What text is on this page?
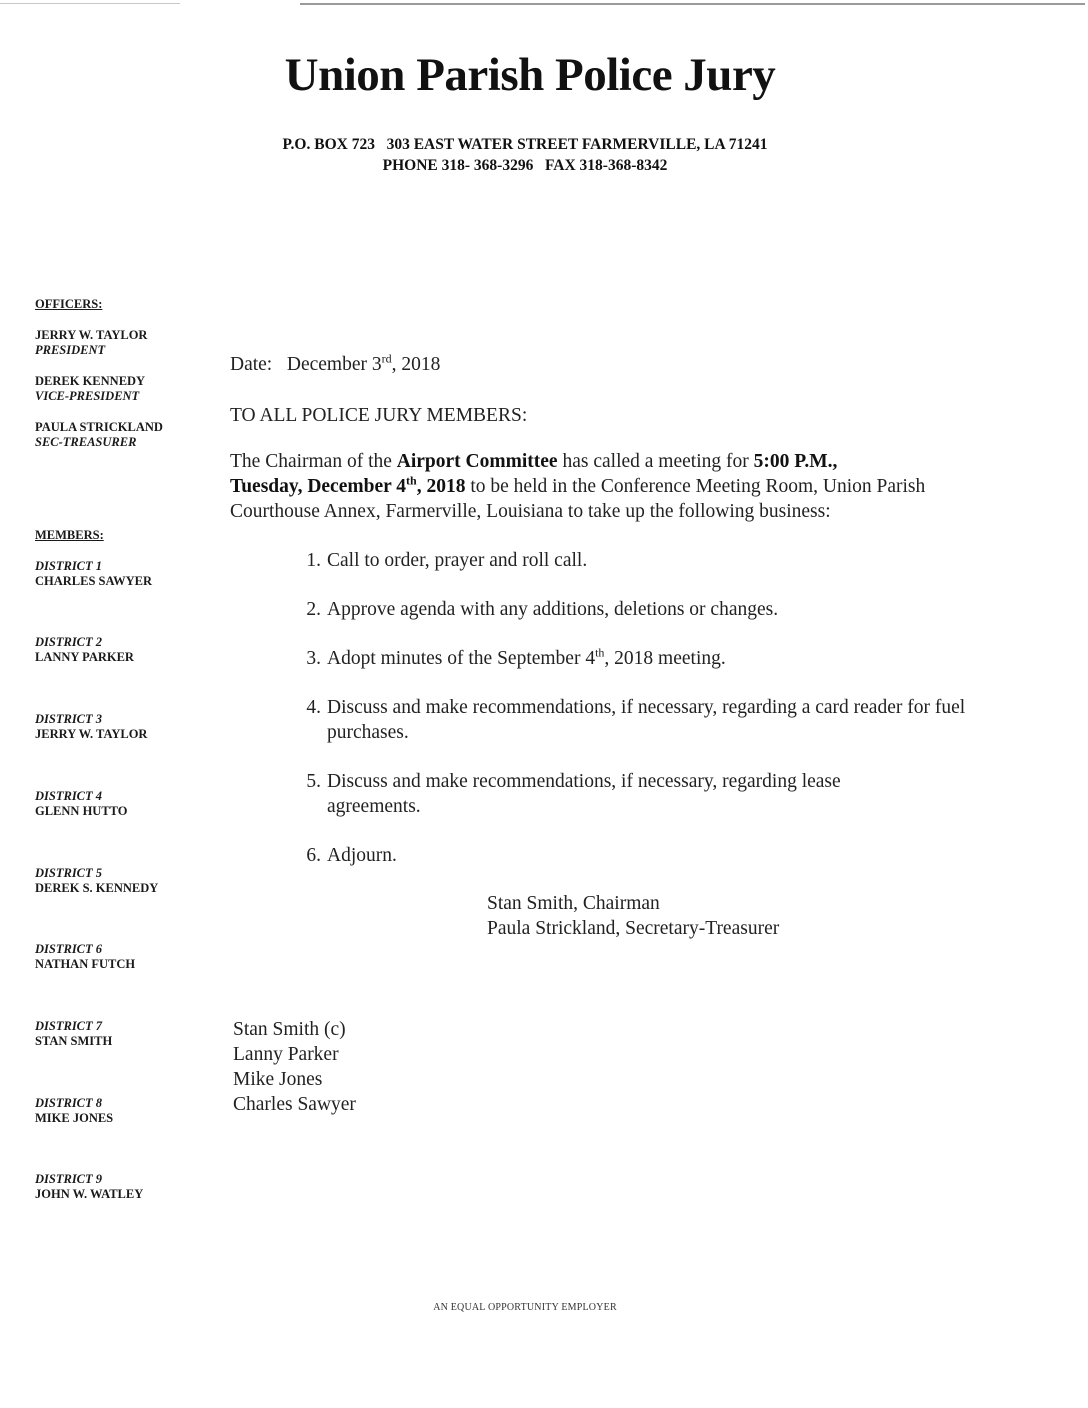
Union Parish Police Jury
P.O. BOX 723   303 EAST WATER STREET FARMERVILLE, LA 71241
PHONE 318- 368-3296   FAX 318-368-8342
OFFICERS:
JERRY W. TAYLOR
PRESIDENT
DEREK KENNEDY
VICE-PRESIDENT
PAULA STRICKLAND
SEC-TREASURER
MEMBERS:
DISTRICT 1
CHARLES SAWYER
DISTRICT 2
LANNY PARKER
DISTRICT 3
JERRY W. TAYLOR
DISTRICT 4
GLENN HUTTO
DISTRICT 5
DEREK S. KENNEDY
DISTRICT 6
NATHAN FUTCH
DISTRICT 7
STAN SMITH
DISTRICT 8
MIKE JONES
DISTRICT 9
JOHN W. WATLEY
Date: December 3rd, 2018
TO ALL POLICE JURY MEMBERS:
The Chairman of the Airport Committee has called a meeting for 5:00 P.M.,
Tuesday, December 4th, 2018 to be held in the Conference Meeting Room, Union Parish Courthouse Annex, Farmerville, Louisiana to take up the following business:
1. Call to order, prayer and roll call.
2. Approve agenda with any additions, deletions or changes.
3. Adopt minutes of the September 4th, 2018 meeting.
4. Discuss and make recommendations, if necessary, regarding a card reader for fuel purchases.
5. Discuss and make recommendations, if necessary, regarding lease agreements.
6. Adjourn.
Stan Smith, Chairman
Paula Strickland, Secretary-Treasurer
Stan Smith (c)
Lanny Parker
Mike Jones
Charles Sawyer
AN EQUAL OPPORTUNITY EMPLOYER
